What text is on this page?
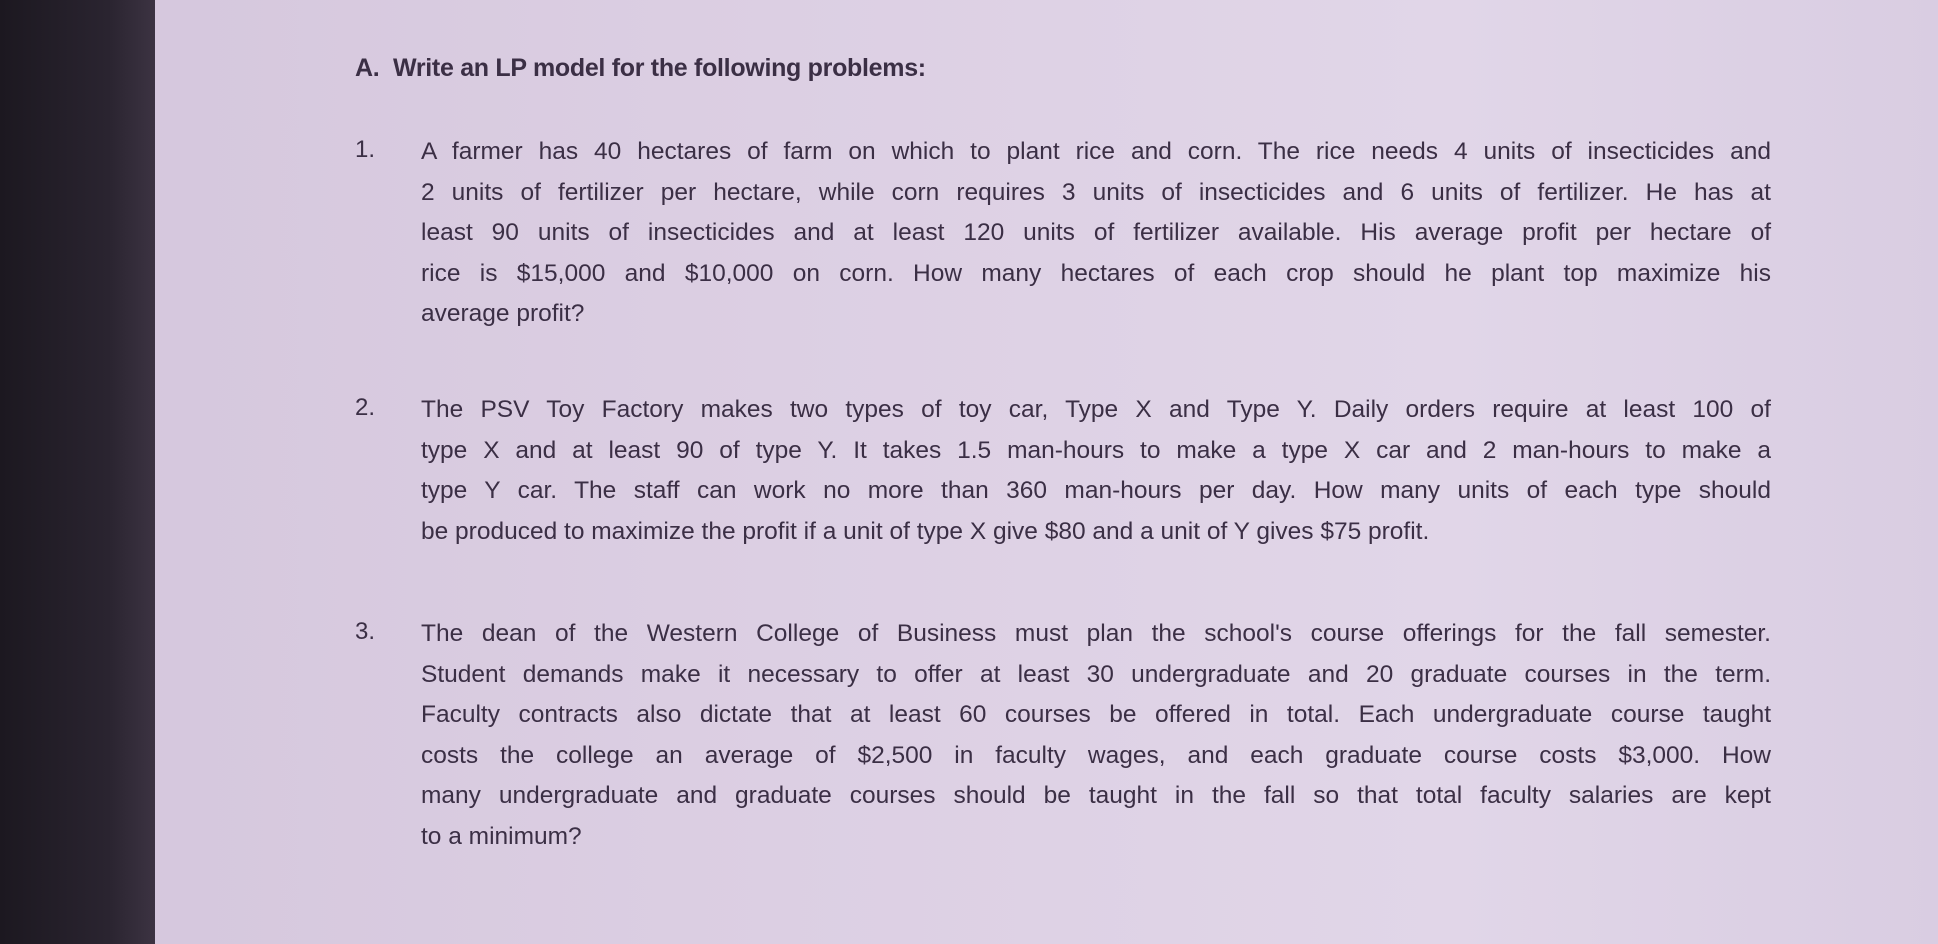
A. Write an LP model for the following problems:
1. A farmer has 40 hectares of farm on which to plant rice and corn. The rice needs 4 units of insecticides and
2 units of fertilizer per hectare, while corn requires 3 units of insecticides and 6 units of fertilizer. He has at
least 90 units of insecticides and at least 120 units of fertilizer available. His average profit per hectare of
rice is $15,000 and $10,000 on corn. How many hectares of each crop should he plant top maximize his
average profit?
2. The PSV Toy Factory makes two types of toy car, Type X and Type Y. Daily orders require at least 100 of
type X and at least 90 of type Y. It takes 1.5 man-hours to make a type X car and 2 man-hours to make a
type Y car. The staff can work no more than 360 man-hours per day. How many units of each type should
be produced to maximize the profit if a unit of type X give $80 and a unit of Y gives $75 profit.
3. The dean of the Western College of Business must plan the school's course offerings for the fall semester.
Student demands make it necessary to offer at least 30 undergraduate and 20 graduate courses in the term.
Faculty contracts also dictate that at least 60 courses be offered in total. Each undergraduate course taught
costs the college an average of $2,500 in faculty wages, and each graduate course costs $3,000. How
many undergraduate and graduate courses should be taught in the fall so that total faculty salaries are kept
to a minimum?
